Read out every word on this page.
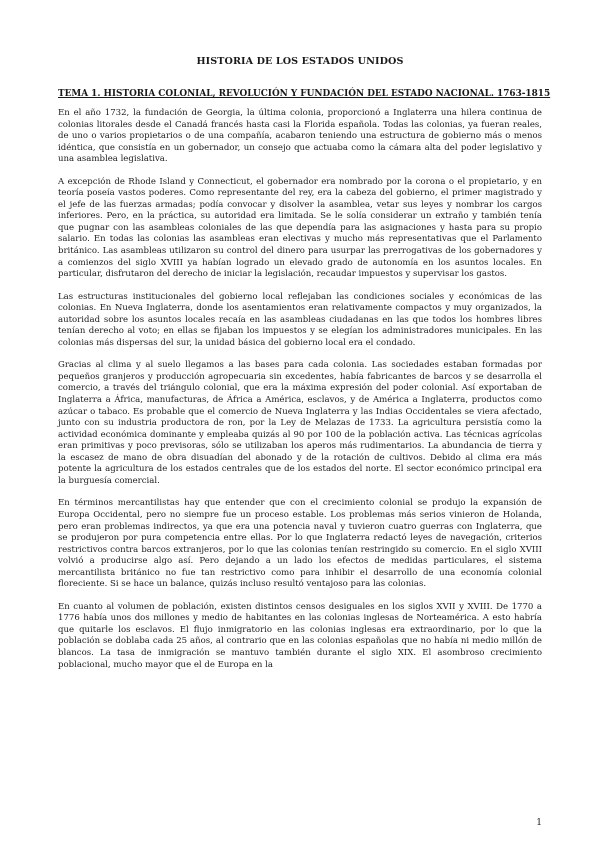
HISTORIA DE LOS ESTADOS UNIDOS
TEMA 1. HISTORIA COLONIAL, REVOLUCIÓN Y FUNDACIÓN DEL ESTADO NACIONAL. 1763-1815

En el año 1732, la fundación de Georgia, la última colonia, proporcionó a Inglaterra una hilera continua de colonias litorales desde el Canadá francés hasta casi la Florida española. Todas las colonias, ya fueran reales, de uno o varios propietarios o de una compañía, acabaron teniendo una estructura de gobierno más o menos idéntica, que consistía en un gobernador, un consejo que actuaba como la cámara alta del poder legislativo y una asamblea legislativa.

A excepción de Rhode Island y Connecticut, el gobernador era nombrado por la corona o el propietario, y en teoría poseía vastos poderes. Como representante del rey, era la cabeza del gobierno, el primer magistrado y el jefe de las fuerzas armadas; podía convocar y disolver la asamblea, vetar sus leyes y nombrar los cargos inferiores. Pero, en la práctica, su autoridad era limitada. Se le solía considerar un extraño y también tenía que pugnar con las asambleas coloniales de las que dependía para las asignaciones y hasta para su propio salario. En todas las colonias las asambleas eran electivas y mucho más representativas que el Parlamento británico. Las asambleas utilizaron su control del dinero para usurpar las prerrogativas de los gobernadores y a comienzos del siglo XVIII ya habían logrado un elevado grado de autonomía en los asuntos locales. En particular, disfrutaron del derecho de iniciar la legislación, recaudar impuestos y supervisar los gastos.

Las estructuras institucionales del gobierno local reflejaban las condiciones sociales y económicas de las colonias. En Nueva Inglaterra, donde los asentamientos eran relativamente compactos y muy organizados, la autoridad sobre los asuntos locales recaía en las asambleas ciudadanas en las que todos los hombres libres tenían derecho al voto; en ellas se fijaban los impuestos y se elegían los administradores municipales. En las colonias más dispersas del sur, la unidad básica del gobierno local era el condado.

Gracias al clima y al suelo llegamos a las bases para cada colonia. Las sociedades estaban formadas por pequeños granjeros y producción agropecuaria sin excedentes, había fabricantes de barcos y se desarrolla el comercio, a través del triángulo colonial, que era la máxima expresión del poder colonial. Así exportaban de Inglaterra a África, manufacturas, de África a América, esclavos, y de América a Inglaterra, productos como azúcar o tabaco. Es probable que el comercio de Nueva Inglaterra y las Indias Occidentales se viera afectado, junto con su industria productora de ron, por la Ley de Melazas de 1733. La agricultura persistía como la actividad económica dominante y empleaba quizás al 90 por 100 de la población activa. Las técnicas agrícolas eran primitivas y poco previsoras, sólo se utilizaban los aperos más rudimentarios. La abundancia de tierra y la escasez de mano de obra disuadían del abonado y de la rotación de cultivos. Debido al clima era más potente la agricultura de los estados centrales que de los estados del norte. El sector económico principal era la burguesía comercial.

En términos mercantilistas hay que entender que con el crecimiento colonial se produjo la expansión de Europa Occidental, pero no siempre fue un proceso estable. Los problemas más serios vinieron de Holanda, pero eran problemas indirectos, ya que era una potencia naval y tuvieron cuatro guerras con Inglaterra, que se produjeron por pura competencia entre ellas. Por lo que Inglaterra redactó leyes de navegación, criterios restrictivos contra barcos extranjeros, por lo que las colonias tenían restringido su comercio. En el siglo XVIII volvió a producirse algo así. Pero dejando a un lado los efectos de medidas particulares, el sistema mercantilista británico no fue tan restrictivo como para inhibir el desarrollo de una economía colonial floreciente. Si se hace un balance, quizás incluso resultó ventajoso para las colonias.

En cuanto al volumen de población, existen distintos censos desiguales en los siglos XVII y XVIII. De 1770 a 1776 había unos dos millones y medio de habitantes en las colonias inglesas de Norteamérica. A esto habría que quitarle los esclavos. El flujo inmigratorio en las colonias inglesas era extraordinario, por lo que la población se doblaba cada 25 años, al contrario que en las colonias españolas que no había ni medio millón de blancos. La tasa de inmigración se mantuvo también durante el siglo XIX. El asombroso crecimiento poblacional, mucho mayor que el de Europa en la

1
